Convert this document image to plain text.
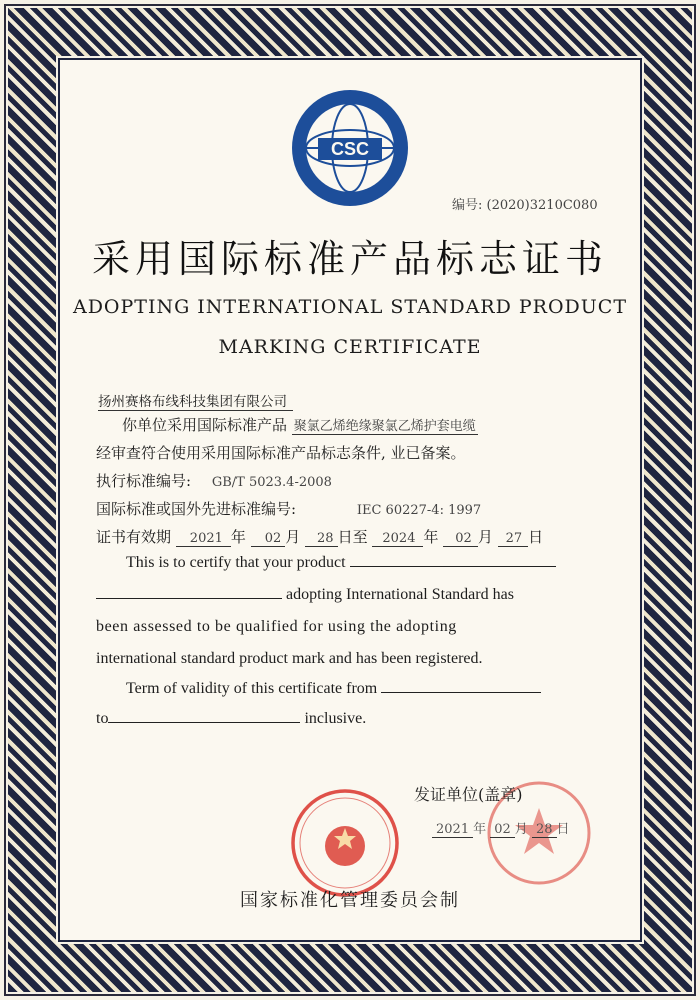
CSC
编号: (2020)3210C080
采用国际标准产品标志证书
ADOPTING INTERNATIONAL STANDARD PRODUCT
MARKING CERTIFICATE
扬州赛格布线科技集团有限公司
你单位采用国际标准产品 聚氯乙烯绝缘聚氯乙烯护套电缆
经审查符合使用采用国际标准产品标志条件, 业已备案。
执行标准编号: GB/T 5023.4-2008
国际标准或国外先进标准编号:	IEC 60227-4: 1997
证书有效期 2021 年 02 月 28 日至 2024 年 02 月 27 日
This is to certify that your product
adopting International Standard has
been assessed to be qualified for using the adopting
international standard product mark and has been registered.
Term of validity of this certificate from
to	inclusive.
发证单位(盖章)
2021 年 02 月 28 日
国家标准化管理委员会制
